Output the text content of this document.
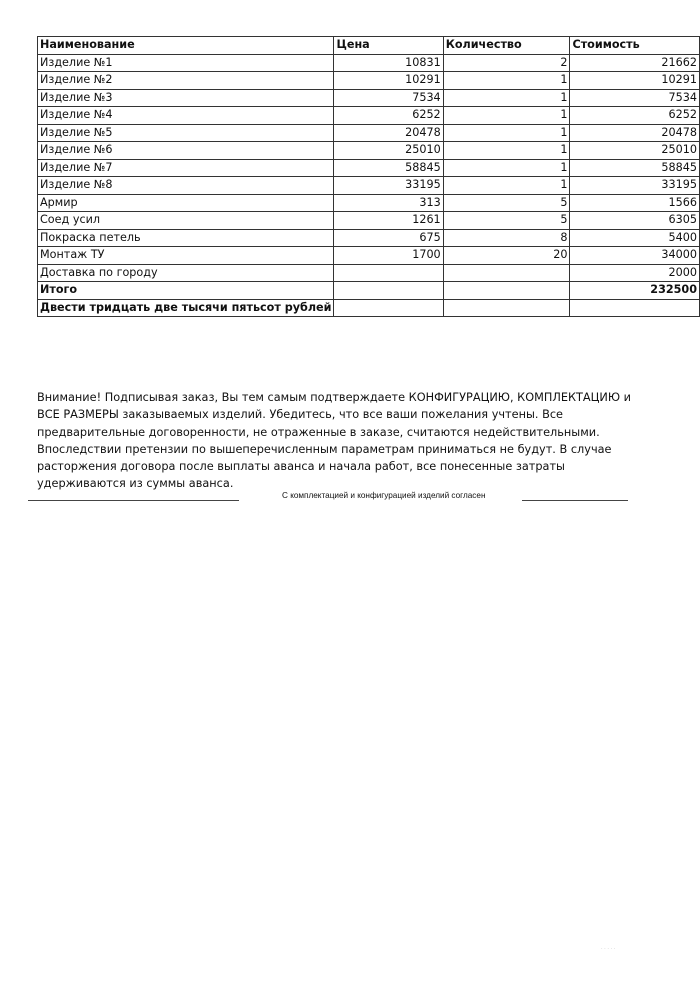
Наименование	Цена	Количество	Стоимость
Изделие №1	10831	2	21662
Изделие №2	10291	1	10291
Изделие №3	7534	1	7534
Изделие №4	6252	1	6252
Изделие №5	20478	1	20478
Изделие №6	25010	1	25010
Изделие №7	58845	1	58845
Изделие №8	33195	1	33195
Армир	313	5	1566
Соед усил	1261	5	6305
Покраска петель	675	8	5400
Монтаж ТУ	1700	20	34000
Доставка по городу			2000
Итого			232500
Двести тридцать две тысячи пятьсот рублей			
Внимание! Подписывая заказ, Вы тем самым подтверждаете КОНФИГУРАЦИЮ, КОМПЛЕКТАЦИЮ и ВСЕ РАЗМЕРЫ заказываемых изделий. Убедитесь, что все ваши пожелания учтены. Все предварительные договоренности, не отраженные в заказе, считаются недействительными. Впоследствии претензии по вышеперечисленным параметрам приниматься не будут. В случае расторжения договора после выплаты аванса и начала работ, все понесенные затраты удерживаются из суммы аванса.
С комплектацией и конфигурацией изделий согласен
· · · · ·
